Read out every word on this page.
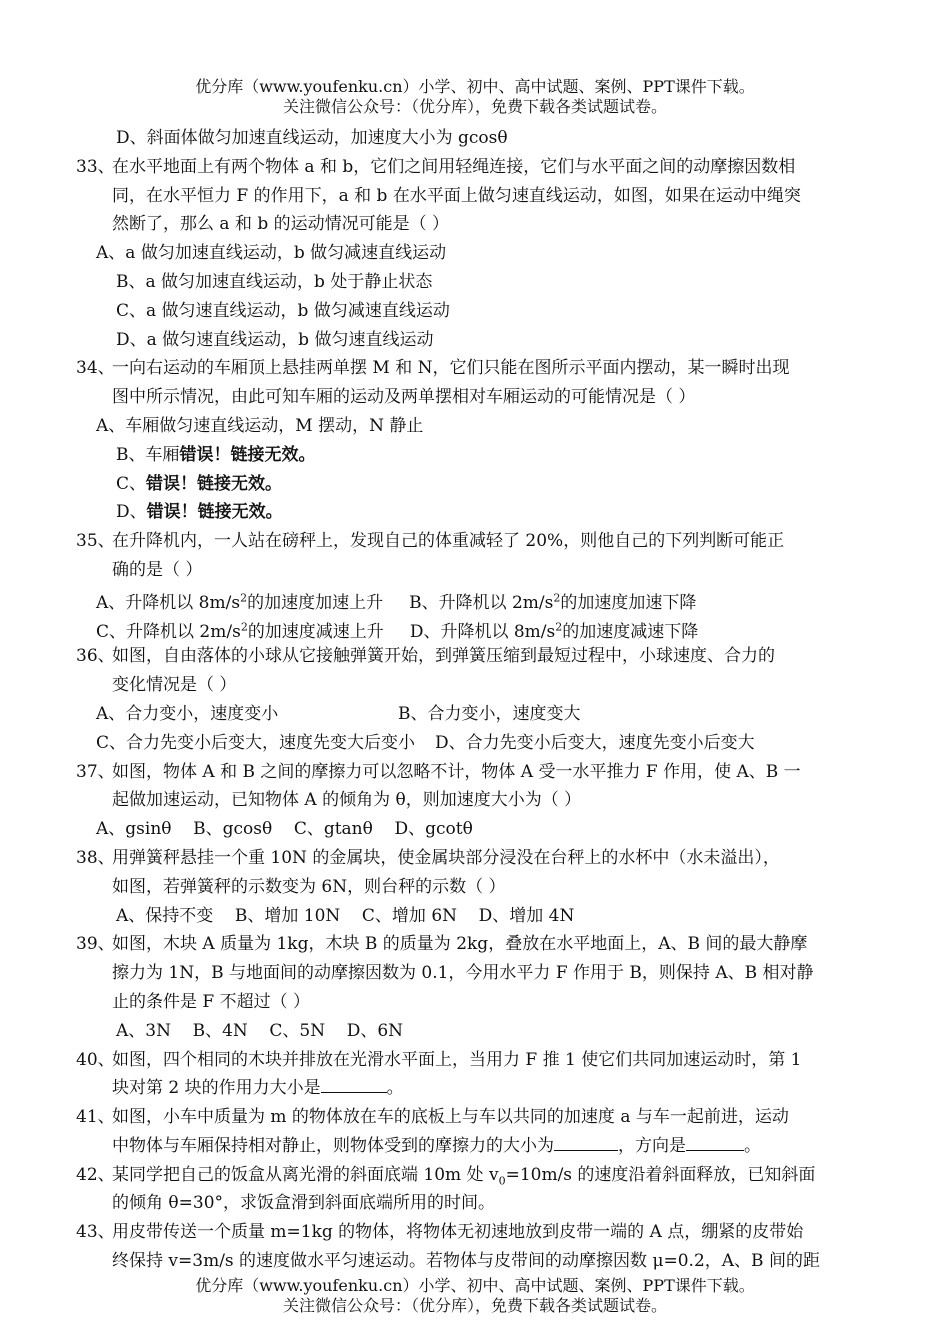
优分库（www.youfenku.cn）小学、初中、高中试题、案例、PPT课件下载。
关注微信公众号：（优分库），免费下载各类试题试卷。
D、斜面体做匀加速直线运动，加速度大小为 gcosθ
33、在水平地面上有两个物体 a 和 b，它们之间用轻绳连接，它们与水平面之间的动摩擦因数相
同，在水平恒力 F 的作用下，a 和 b 在水平面上做匀速直线运动，如图，如果在运动中绳突
然断了，那么 a 和 b 的运动情况可能是（ ）
A、a 做匀加速直线运动，b 做匀减速直线运动
B、a 做匀加速直线运动，b 处于静止状态
C、a 做匀速直线运动，b 做匀减速直线运动
D、a 做匀速直线运动，b 做匀速直线运动
34、一向右运动的车厢顶上悬挂两单摆 M 和 N，它们只能在图所示平面内摆动，某一瞬时出现
图中所示情况，由此可知车厢的运动及两单摆相对车厢运动的可能情况是（ ）
A、车厢做匀速直线运动，M 摆动，N 静止
B、车厢错误！链接无效。
C、错误！链接无效。
D、错误！链接无效。
35、在升降机内，一人站在磅秤上，发现自己的体重减轻了 20%，则他自己的下列判断可能正
确的是（ ）
A、升降机以 $8m/s^2$的加速度加速上升 B、升降机以 $2m/s^2$的加速度加速下降
C、升降机以 $2m/s^2$的加速度减速上升 D、升降机以 $8m/s^2$的加速度减速下降
36、如图，自由落体的小球从它接触弹簧开始，到弹簧压缩到最短过程中，小球速度、合力的
变化情况是（ ）
A、合力变小，速度变小	B、合力变小，速度变大
C、合力先变小后变大，速度先变大后变小 D、合力先变小后变大，速度先变小后变大
37、如图，物体 A 和 B 之间的摩擦力可以忽略不计，物体 A 受一水平推力 F 作用，使 A、B 一
起做加速运动，已知物体 A 的倾角为 θ，则加速度大小为（ ）
A、gsinθ    B、gcosθ    C、gtanθ    D、gcotθ
38、用弹簧秤悬挂一个重 10N 的金属块，使金属块部分浸没在台秤上的水杯中（水未溢出），
如图，若弹簧秤的示数变为 6N，则台秤的示数（ ）
A、保持不变    B、增加 10N    C、增加 6N    D、增加 4N
39、如图，木块 A 质量为 1kg，木块 B 的质量为 2kg，叠放在水平地面上，A、B 间的最大静摩
擦力为 1N，B 与地面间的动摩擦因数为 0.1，今用水平力 F 作用于 B，则保持 A、B 相对静
止的条件是 F 不超过（ ）
A、3N    B、4N    C、5N    D、6N
40、如图，四个相同的木块并排放在光滑水平面上，当用力 F 推 1 使它们共同加速运动时，第 1
块对第 2 块的作用力大小是	。
41、如图，小车中质量为 m 的物体放在车的底板上与车以共同的加速度 a 与车一起前进，运动
中物体与车厢保持相对静止，则物体受到的摩擦力的大小为	，方向是	。
42、某同学把自己的饭盒从离光滑的斜面底端 10m 处 $v_0=10m/s$ 的速度沿着斜面释放，已知斜面
的倾角 θ=30°，求饭盒滑到斜面底端所用的时间。
43、用皮带传送一个质量 m=1kg 的物体，将物体无初速地放到皮带一端的 A 点，绷紧的皮带始
终保持 v=3m/s 的速度做水平匀速运动。若物体与皮带间的动摩擦因数 μ=0.2，A、B 间的距
优分库（www.youfenku.cn）小学、初中、高中试题、案例、PPT课件下载。
关注微信公众号：（优分库），免费下载各类试题试卷。
